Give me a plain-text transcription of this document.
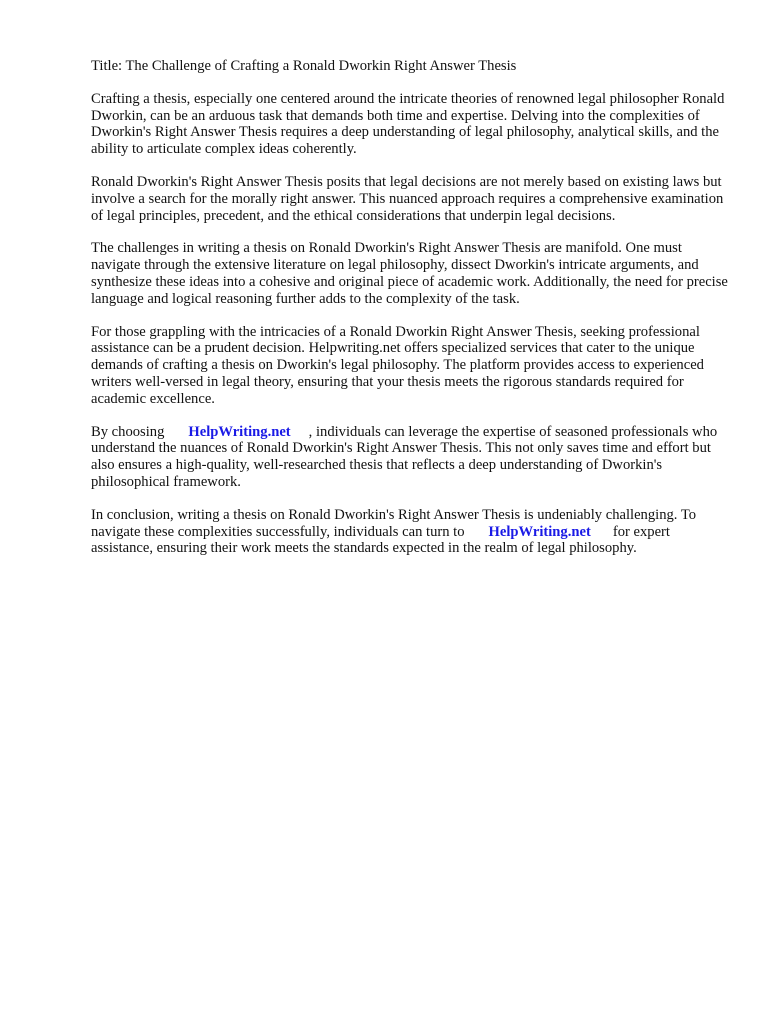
Title: The Challenge of Crafting a Ronald Dworkin Right Answer Thesis

Crafting a thesis, especially one centered around the intricate theories of renowned legal philosopher Ronald Dworkin, can be an arduous task that demands both time and expertise. Delving into the complexities of Dworkin's Right Answer Thesis requires a deep understanding of legal philosophy, analytical skills, and the ability to articulate complex ideas coherently.

Ronald Dworkin's Right Answer Thesis posits that legal decisions are not merely based on existing laws but involve a search for the morally right answer. This nuanced approach requires a comprehensive examination of legal principles, precedent, and the ethical considerations that underpin legal decisions.

The challenges in writing a thesis on Ronald Dworkin's Right Answer Thesis are manifold. One must navigate through the extensive literature on legal philosophy, dissect Dworkin's intricate arguments, and synthesize these ideas into a cohesive and original piece of academic work. Additionally, the need for precise language and logical reasoning further adds to the complexity of the task.

For those grappling with the intricacies of a Ronald Dworkin Right Answer Thesis, seeking professional assistance can be a prudent decision. Helpwriting.net offers specialized services that cater to the unique demands of crafting a thesis on Dworkin's legal philosophy. The platform provides access to experienced writers well-versed in legal theory, ensuring that your thesis meets the rigorous standards required for academic excellence.

By choosing HelpWriting.net , individuals can leverage the expertise of seasoned professionals who understand the nuances of Ronald Dworkin's Right Answer Thesis. This not only saves time and effort but also ensures a high-quality, well-researched thesis that reflects a deep understanding of Dworkin's philosophical framework.

In conclusion, writing a thesis on Ronald Dworkin's Right Answer Thesis is undeniably challenging. To navigate these complexities successfully, individuals can turn to HelpWriting.net for expert assistance, ensuring their work meets the standards expected in the realm of legal philosophy.
